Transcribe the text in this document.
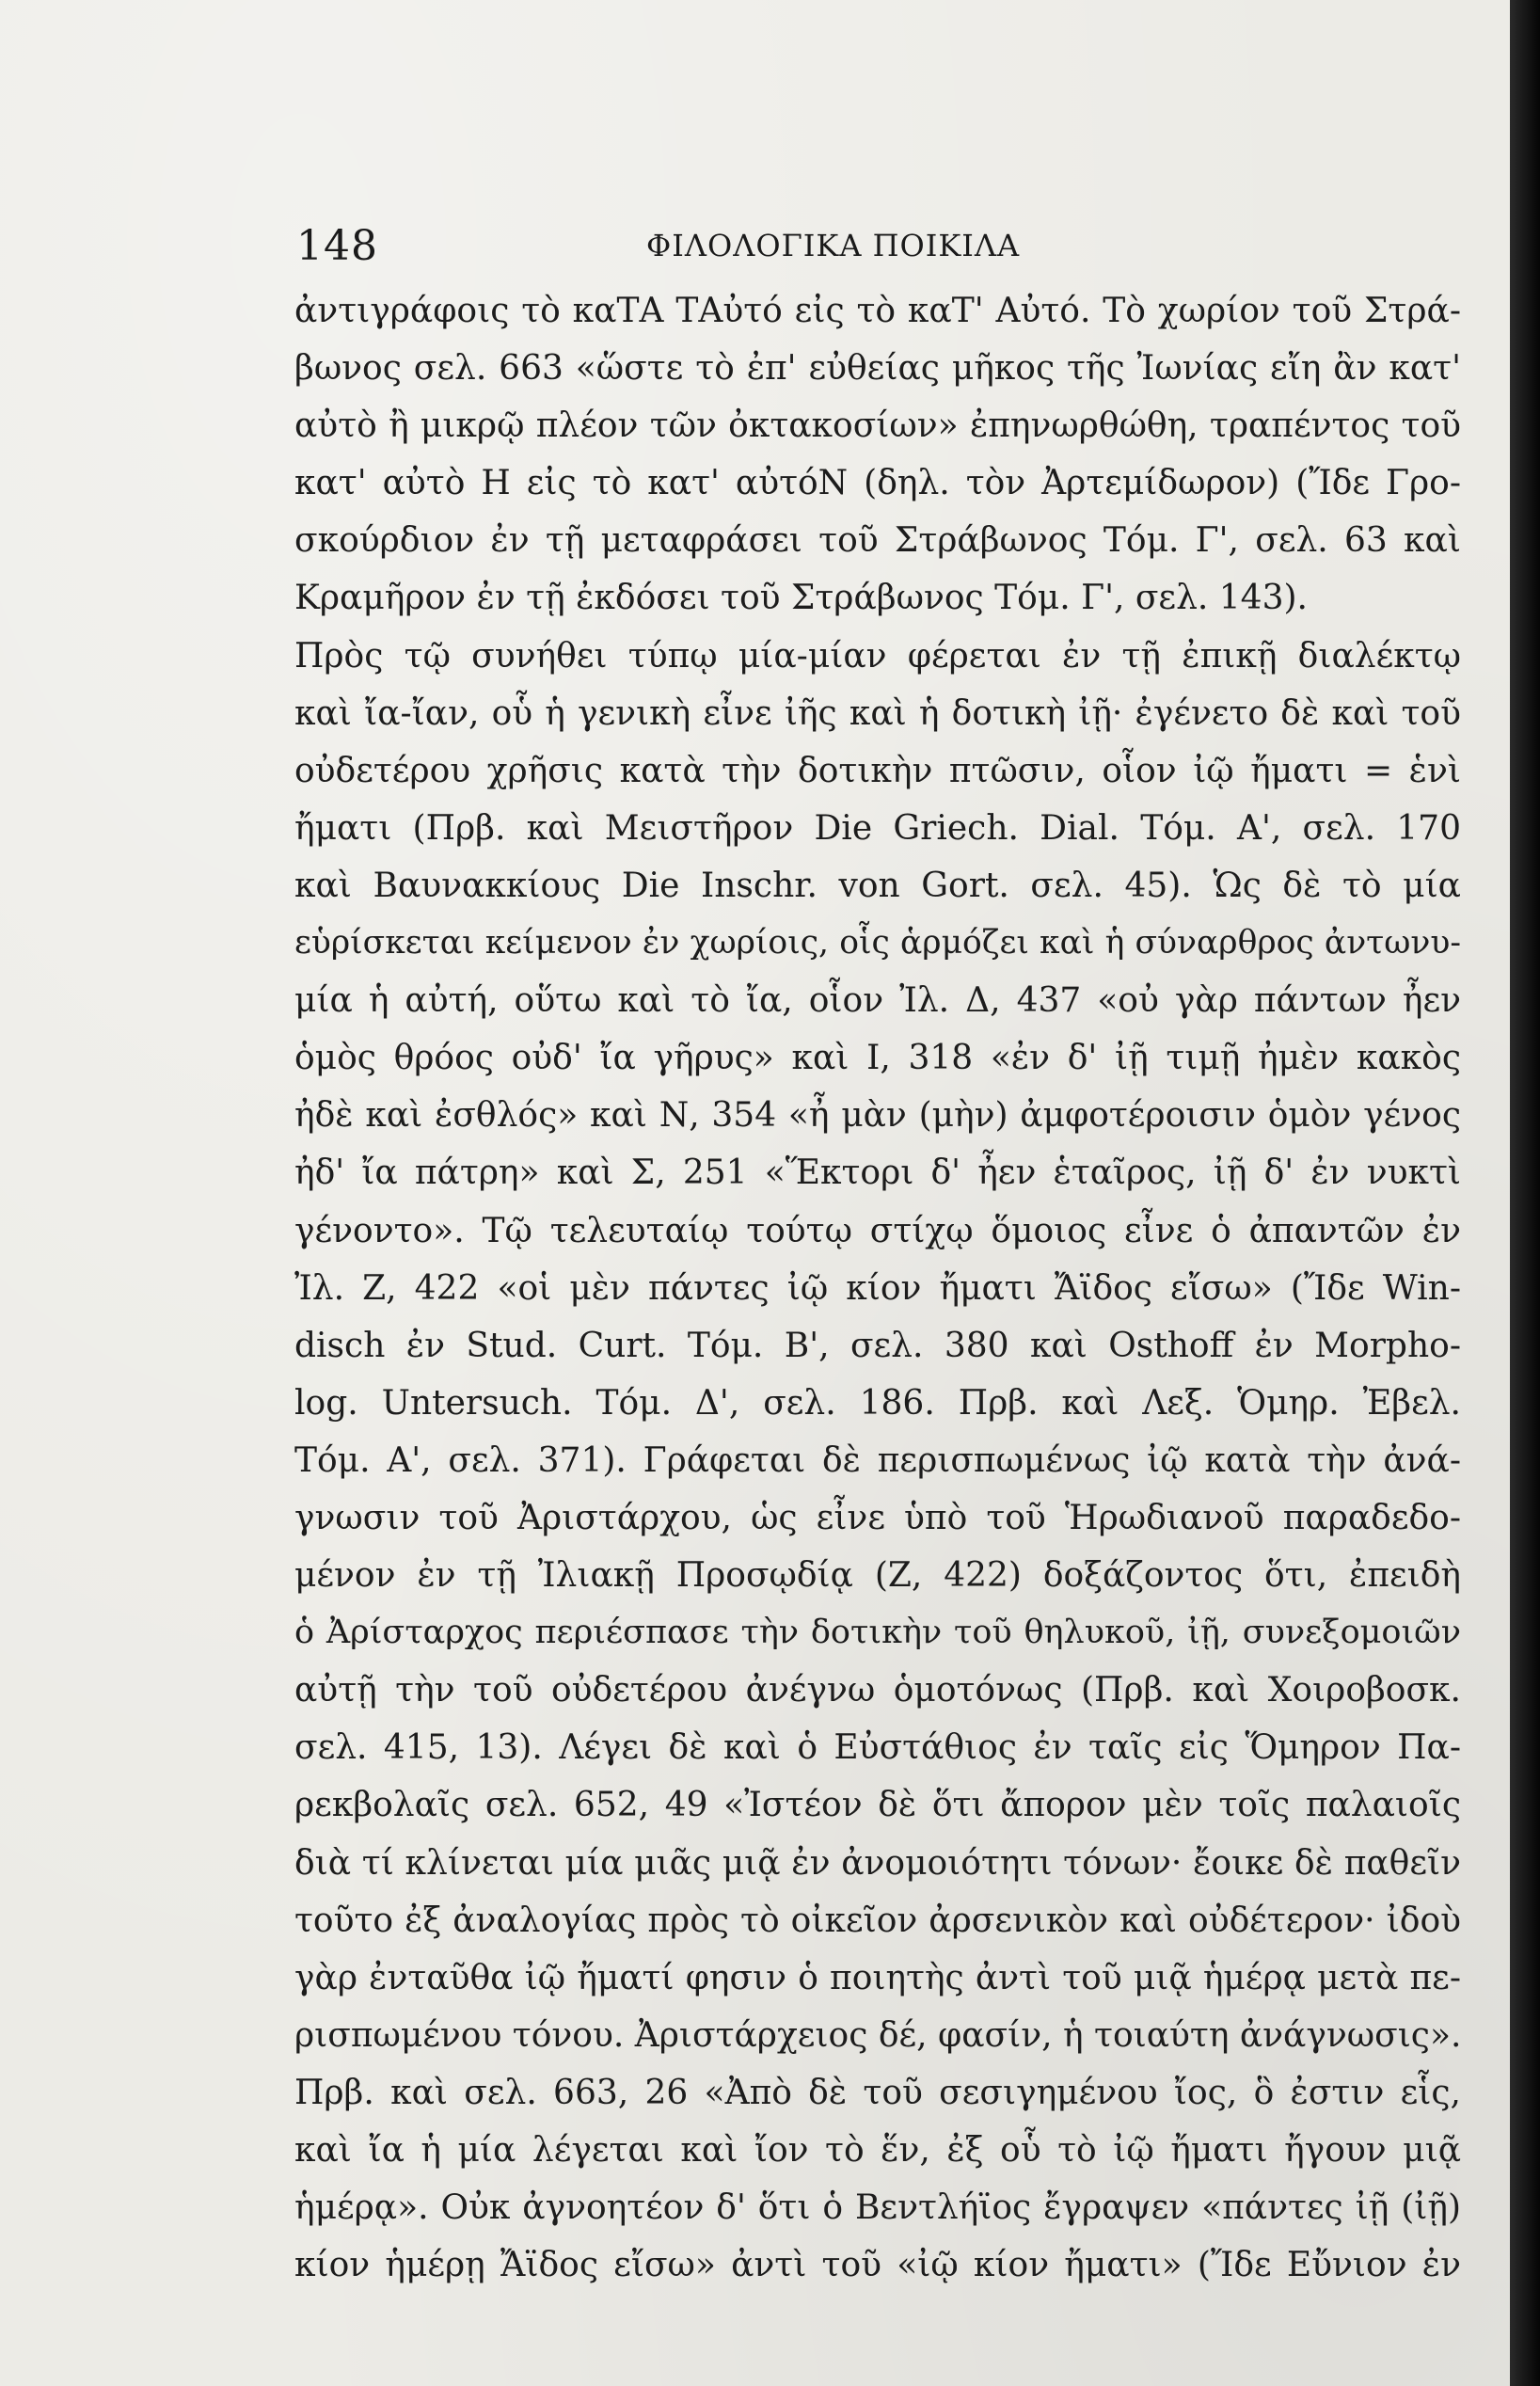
148	ΦΙΛΟΛΟΓΙΚΑ ΠΟΙΚΙΛΑ
ἀντιγράφοις τὸ καΤΑ ΤΑὐτό εἰς τὸ καΤ' Αὐτό. Τὸ χωρίον τοῦ Στρά-
βωνος σελ. 663 «ὥστε τὸ ἐπ' εὐθείας μῆκος τῆς Ἰωνίας εἴη ἂν κατ'
αὐτὸ ἢ μικρῷ πλέον τῶν ὀκτακοσίων» ἐπηνωρθώθη, τραπέντος τοῦ
κατ' αὐτὸ Η εἰς τὸ κατ' αὐτόΝ (δηλ. τὸν Ἀρτεμίδωρον) (Ἴδε Γρο-
σκούρδιον ἐν τῇ μεταφράσει τοῦ Στράβωνος Τόμ. Γ', σελ. 63 καὶ
Κραμῆρον ἐν τῇ ἐκδόσει τοῦ Στράβωνος Τόμ. Γ', σελ. 143).
Πρὸς τῷ συνήθει τύπῳ μία-μίαν φέρεται ἐν τῇ ἐπικῇ διαλέκτῳ
καὶ ἴα-ἴαν, οὗ ἡ γενικὴ εἶνε ἰῆς καὶ ἡ δοτικὴ ἰῇ· ἐγένετο δὲ καὶ τοῦ
οὐδετέρου χρῆσις κατὰ τὴν δοτικὴν πτῶσιν, οἷον ἰῷ ἤματι = ἑνὶ
ἤματι (Πρβ. καὶ Μειστῆρον Die Griech. Dial. Τόμ. Α', σελ. 170
καὶ Βαυνακκίους Die Inschr. von Gort. σελ. 45). Ὡς δὲ τὸ μία
εὑρίσκεται κείμενον ἐν χωρίοις, οἷς ἁρμόζει καὶ ἡ σύναρθρος ἀντωνυ-
μία ἡ αὐτή, οὕτω καὶ τὸ ἴα, οἷον Ἰλ. Δ, 437 «οὐ γὰρ πάντων ἦεν
ὁμὸς θρόος οὐδ' ἴα γῆρυς» καὶ Ι, 318 «ἐν δ' ἰῇ τιμῇ ἠμὲν κακὸς
ἠδὲ καὶ ἐσθλός» καὶ Ν, 354 «ἦ μὰν (μὴν) ἀμφοτέροισιν ὁμὸν γένος
ἠδ' ἴα πάτρη» καὶ Σ, 251 «Ἕκτορι δ' ἦεν ἑταῖρος, ἰῇ δ' ἐν νυκτὶ
γένοντο». Τῷ τελευταίῳ τούτῳ στίχῳ ὅμοιος εἶνε ὁ ἀπαντῶν ἐν
Ἰλ. Ζ, 422 «οἱ μὲν πάντες ἰῷ κίον ἤματι Ἄϊδος εἴσω» (Ἴδε Win-
disch ἐν Stud. Curt. Τόμ. Β', σελ. 380 καὶ Osthoff ἐν Morpho-
log. Untersuch. Τόμ. Δ', σελ. 186. Πρβ. καὶ Λεξ. Ὁμηρ. Ἐβελ.
Τόμ. Α', σελ. 371). Γράφεται δὲ περισπωμένως ἰῷ κατὰ τὴν ἀνά-
γνωσιν τοῦ Ἀριστάρχου, ὡς εἶνε ὑπὸ τοῦ Ἡρωδιανοῦ παραδεδο-
μένον ἐν τῇ Ἰλιακῇ Προσῳδίᾳ (Ζ, 422) δοξάζοντος ὅτι, ἐπειδὴ
ὁ Ἀρίσταρχος περιέσπασε τὴν δοτικὴν τοῦ θηλυκοῦ, ἰῇ, συνεξομοιῶν
αὐτῇ τὴν τοῦ οὐδετέρου ἀνέγνω ὁμοτόνως (Πρβ. καὶ Χοιροβοσκ.
σελ. 415, 13). Λέγει δὲ καὶ ὁ Εὐστάθιος ἐν ταῖς εἰς Ὅμηρον Πα-
ρεκβολαῖς σελ. 652, 49 «Ἰστέον δὲ ὅτι ἄπορον μὲν τοῖς παλαιοῖς
διὰ τί κλίνεται μία μιᾶς μιᾷ ἐν ἀνομοιότητι τόνων· ἔοικε δὲ παθεῖν
τοῦτο ἐξ ἀναλογίας πρὸς τὸ οἰκεῖον ἀρσενικὸν καὶ οὐδέτερον· ἰδοὺ
γὰρ ἐνταῦθα ἰῷ ἤματί φησιν ὁ ποιητὴς ἀντὶ τοῦ μιᾷ ἡμέρᾳ μετὰ πε-
ρισπωμένου τόνου. Ἀριστάρχειος δέ, φασίν, ἡ τοιαύτη ἀνάγνωσις».
Πρβ. καὶ σελ. 663, 26 «Ἀπὸ δὲ τοῦ σεσιγημένου ἴος, ὃ ἐστιν εἷς,
καὶ ἴα ἡ μία λέγεται καὶ ἴον τὸ ἕν, ἐξ οὗ τὸ ἰῷ ἤματι ἤγουν μιᾷ
ἡμέρᾳ». Οὐκ ἀγνοητέον δ' ὅτι ὁ Βεντλήϊος ἔγραψεν «πάντες ἰῇ (ἰῇ)
κίον ἡμέρῃ Ἄϊδος εἴσω» ἀντὶ τοῦ «ἰῷ κίον ἤματι» (Ἴδε Εὔνιον ἐν
